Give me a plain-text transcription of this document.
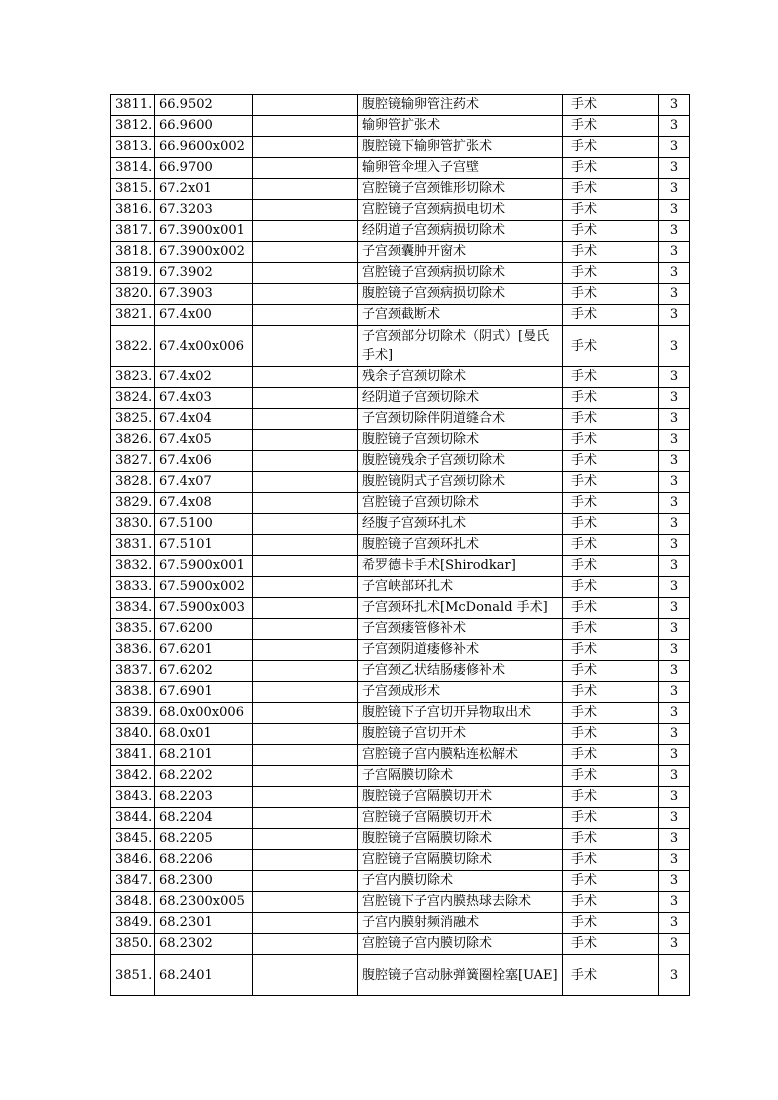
3811.	66.9502		腹腔镜输卵管注药术	手术	3
3812.	66.9600		输卵管扩张术	手术	3
3813.	66.9600x002		腹腔镜下输卵管扩张术	手术	3
3814.	66.9700		输卵管伞埋入子宫壁	手术	3
3815.	67.2x01		宫腔镜子宫颈锥形切除术	手术	3
3816.	67.3203		宫腔镜子宫颈病损电切术	手术	3
3817.	67.3900x001		经阴道子宫颈病损切除术	手术	3
3818.	67.3900x002		子宫颈囊肿开窗术	手术	3
3819.	67.3902		宫腔镜子宫颈病损切除术	手术	3
3820.	67.3903		腹腔镜子宫颈病损切除术	手术	3
3821.	67.4x00		子宫颈截断术	手术	3
3822.	67.4x00x006		子宫颈部分切除术（阴式）[曼氏手术]	手术	3
3823.	67.4x02		残余子宫颈切除术	手术	3
3824.	67.4x03		经阴道子宫颈切除术	手术	3
3825.	67.4x04		子宫颈切除伴阴道缝合术	手术	3
3826.	67.4x05		腹腔镜子宫颈切除术	手术	3
3827.	67.4x06		腹腔镜残余子宫颈切除术	手术	3
3828.	67.4x07		腹腔镜阴式子宫颈切除术	手术	3
3829.	67.4x08		宫腔镜子宫颈切除术	手术	3
3830.	67.5100		经腹子宫颈环扎术	手术	3
3831.	67.5101		腹腔镜子宫颈环扎术	手术	3
3832.	67.5900x001		希罗德卡手术[Shirodkar]	手术	3
3833.	67.5900x002		子宫峡部环扎术	手术	3
3834.	67.5900x003		子宫颈环扎术[McDonald 手术]	手术	3
3835.	67.6200		子宫颈瘘管修补术	手术	3
3836.	67.6201		子宫颈阴道瘘修补术	手术	3
3837.	67.6202		子宫颈乙状结肠瘘修补术	手术	3
3838.	67.6901		子宫颈成形术	手术	3
3839.	68.0x00x006		腹腔镜下子宫切开异物取出术	手术	3
3840.	68.0x01		腹腔镜子宫切开术	手术	3
3841.	68.2101		宫腔镜子宫内膜粘连松解术	手术	3
3842.	68.2202		子宫隔膜切除术	手术	3
3843.	68.2203		腹腔镜子宫隔膜切开术	手术	3
3844.	68.2204		宫腔镜子宫隔膜切开术	手术	3
3845.	68.2205		腹腔镜子宫隔膜切除术	手术	3
3846.	68.2206		宫腔镜子宫隔膜切除术	手术	3
3847.	68.2300		子宫内膜切除术	手术	3
3848.	68.2300x005		宫腔镜下子宫内膜热球去除术	手术	3
3849.	68.2301		子宫内膜射频消融术	手术	3
3850.	68.2302		宫腔镜子宫内膜切除术	手术	3
3851.	68.2401		腹腔镜子宫动脉弹簧圈栓塞[UAE]	手术	3
